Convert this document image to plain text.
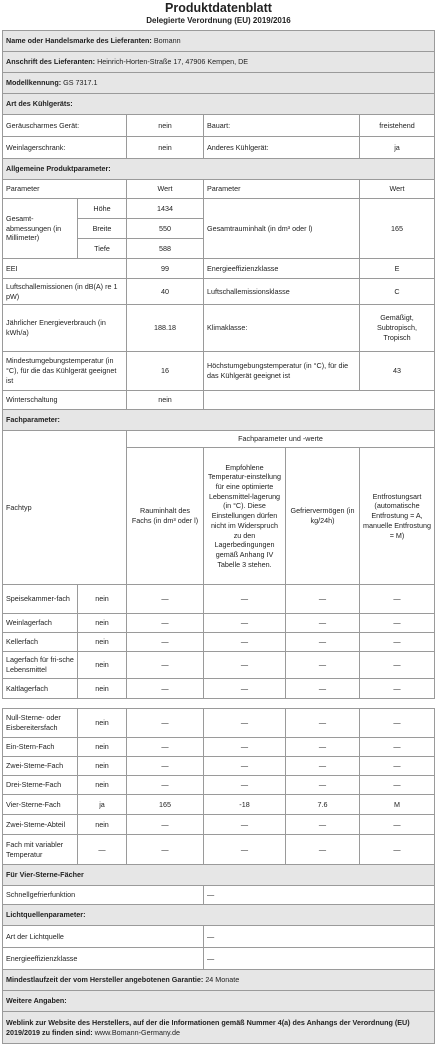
Produktdatenblatt
Delegierte Verordnung (EU) 2019/2016
Name oder Handelsmarke des Lieferanten: Bomann					
Anschrift des Lieferanten: Heinrich-Horten-Straße 17, 47906 Kempen, DE					
Modellkennung: GS 7317.1					
Art des Kühlgeräts:					
Geräuscharmes Gerät:		nein	Bauart:		freistehend
Weinlagerschrank:		nein	Anderes Kühlgerät:		ja
Allgemeine Produktparameter:					
Parameter		Wert	Parameter		Wert
Gesamt-abmessungen (in Millimeter)	Höhe	1434	Gesamtrauminhalt (in dm³ oder l)		165
	Breite	550			
	Tiefe	588			
EEI		99	Energieeffizienzklasse		E
Luftschallemissionen (in dB(A) re 1 pW)		40	Luftschallemissionsklasse		C
Jährlicher Energieverbrauch (in kWh/a)		188.18	Klimaklasse:		Gemäßigt, Subtropisch, Tropisch
Mindestumgebungstemperatur (in °C), für die das Kühlgerät geeignet ist		16	Höchstumgebungstemperatur (in °C), für die das Kühlgerät geeignet ist		43
Winterschaltung		nein			
Fachparameter:					
Fachtyp		Fachparameter und -werte			
		Rauminhalt des Fachs (in dm³ oder l)	Empfohlene Temperatur-einstellung für eine optimierte Lebensmittel-lagerung (in °C). Diese Einstellungen dürfen nicht im Widerspruch zu den Lagerbedingungen gemäß Anhang IV Tabelle 3 stehen.	Gefriervermögen (in kg/24h)	Entfrostungsart (automatische Entfrostung = A, manuelle Entfrostung = M)
Speisekammer-fach	nein	—	—	—	—
Weinlagerfach	nein	—	—	—	—
Kellerfach	nein	—	—	—	—
Lagerfach für fri-sche Lebensmittel	nein	—	—	—	—
Kaltlagerfach	nein	—	—	—	—

Null-Sterne- oder Eisbereitersfach	nein	—	—	—	—
Ein-Stern-Fach	nein	—	—	—	—
Zwei-Sterne-Fach	nein	—	—	—	—
Drei-Sterne-Fach	nein	—	—	—	—
Vier-Sterne-Fach	ja	165	-18	7.6	M
Zwei-Sterne-Abteil	nein	—	—	—	—
Fach mit variabler Temperatur	—	—	—	—	—
Für Vier-Sterne-Fächer					
Schnellgefrierfunktion			—		
Lichtquellenparameter:					
Art der Lichtquelle			—		
Energieeffizienzklasse			—		
Mindestlaufzeit der vom Hersteller angebotenen Garantie: 24 Monate					
Weitere Angaben:					
Weblink zur Website des Herstellers, auf der die Informationen gemäß Nummer 4(a) des Anhangs der Verordnung (EU) 2019/2019 zu finden sind: www.Bomann-Germany.de					
